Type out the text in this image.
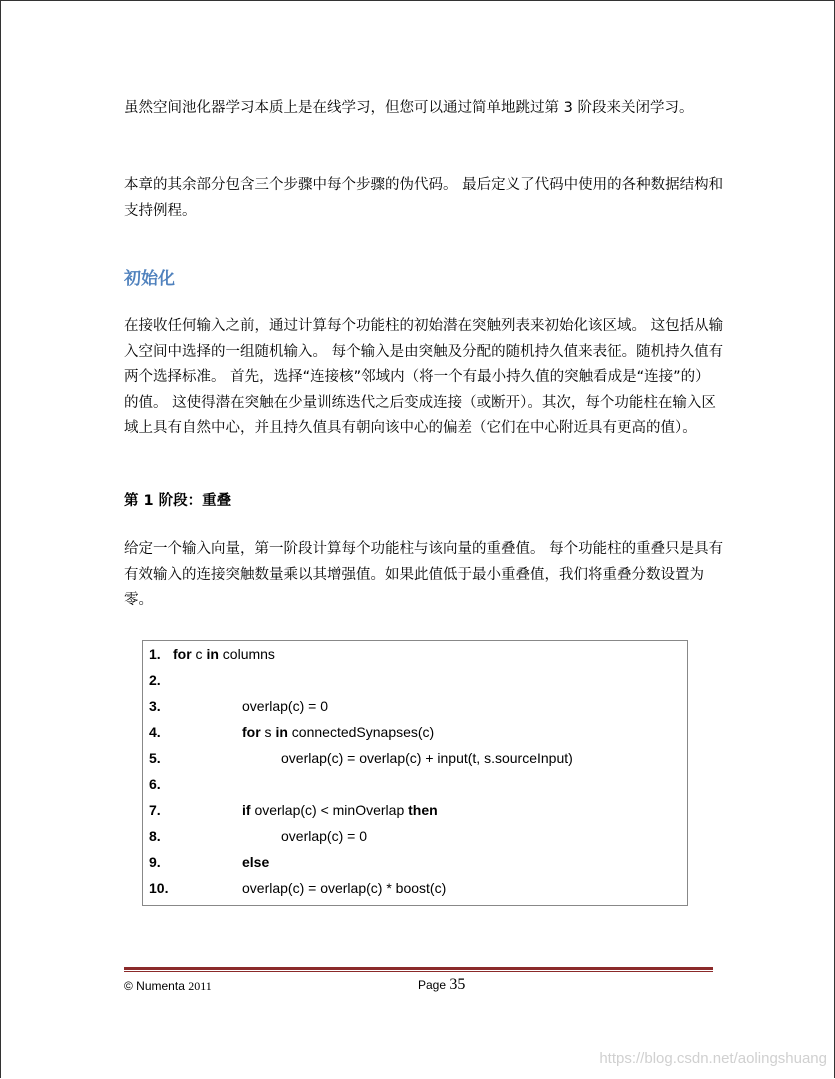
虽然空间池化器学习本质上是在线学习，但您可以通过简单地跳过第 3 阶段来关闭学习。

本章的其余部分包含三个步骤中每个步骤的伪代码。 最后定义了代码中使用的各种数据结构和支持例程。

初始化

在接收任何输入之前，通过计算每个功能柱的初始潜在突触列表来初始化该区域。 这包括从输入空间中选择的一组随机输入。 每个输入是由突触及分配的随机持久值来表征。随机持久值有两个选择标准。 首先，选择“连接核”邻域内（将一个有最小持久值的突触看成是“连接”的）的值。 这使得潜在突触在少量训练迭代之后变成连接（或断开）。其次，每个功能柱在输入区域上具有自然中心，并且持久值具有朝向该中心的偏差（它们在中心附近具有更高的值）。

第 1 阶段：重叠

给定一个输入向量，第一阶段计算每个功能柱与该向量的重叠值。 每个功能柱的重叠只是具有有效输入的连接突触数量乘以其增强值。如果此值低于最小重叠值，我们将重叠分数设置为零。

1. for c in columns
2.
3.	overlap(c) = 0
4.	for s in connectedSynapses(c)
5.	overlap(c) = overlap(c) + input(t, s.sourceInput)
6.
7.	if overlap(c) < minOverlap then
8.	overlap(c) = 0
9.	else
10.	overlap(c) = overlap(c) * boost(c)
© Numenta 2011	Page 35
https://blog.csdn.net/aolingshuang
